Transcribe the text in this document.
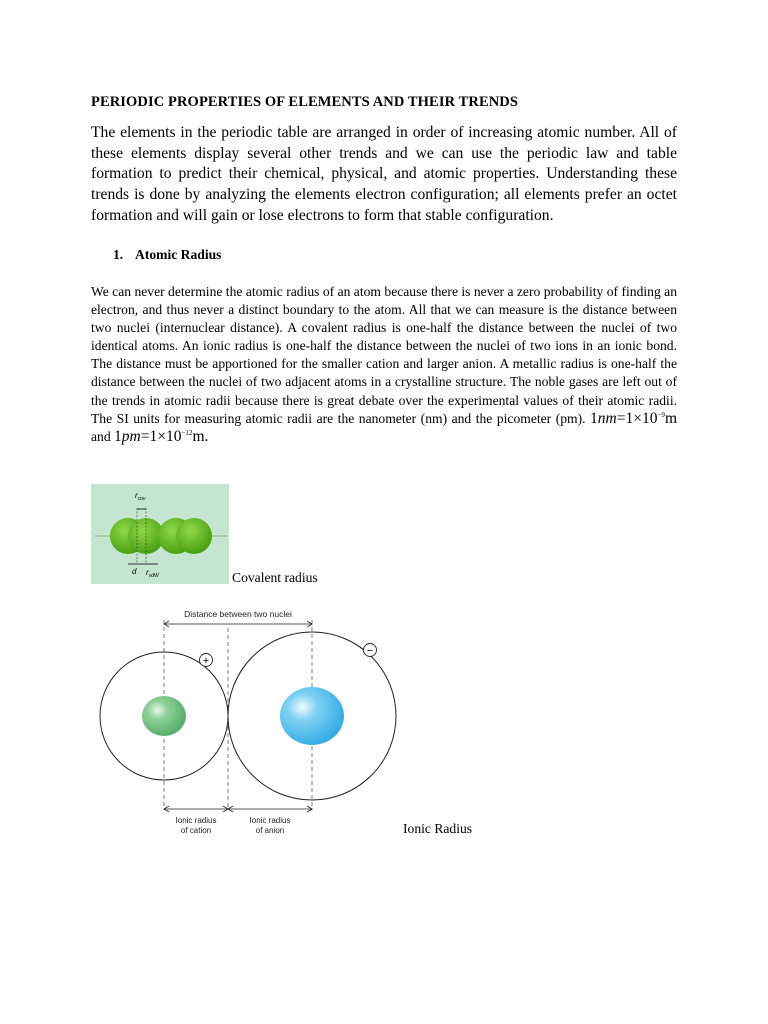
PERIODIC PROPERTIES OF ELEMENTS AND THEIR TRENDS

The elements in the periodic table are arranged in order of increasing atomic number. All of these elements display several other trends and we can use the periodic law and table formation to predict their chemical, physical, and atomic properties. Understanding these trends is done by analyzing the elements electron configuration; all elements prefer an octet formation and will gain or lose electrons to form that stable configuration.

1. Atomic Radius

We can never determine the atomic radius of an atom because there is never a zero probability of finding an electron, and thus never a distinct boundary to the atom. All that we can measure is the distance between two nuclei (internuclear distance). A covalent radius is one-half the distance between the nuclei of two identical atoms. An ionic radius is one-half the distance between the nuclei of two ions in an ionic bond. The distance must be apportioned for the smaller cation and larger anion. A metallic radius is one-half the distance between the nuclei of two adjacent atoms in a crystalline structure. The noble gases are left out of the trends in atomic radii because there is great debate over the experimental values of their atomic radii. The SI units for measuring atomic radii are the nanometer (nm) and the picometer (pm). $1nm=1\times 10^{-9}m$ and $1pm=1\times 10^{-12}m$.

$r_{cov}$
d $r_{vdW}$	Covalent radius
Distance between two nuclei
+
−
Ionic radius
of cation
Ionic radius
of anion	Ionic Radius
